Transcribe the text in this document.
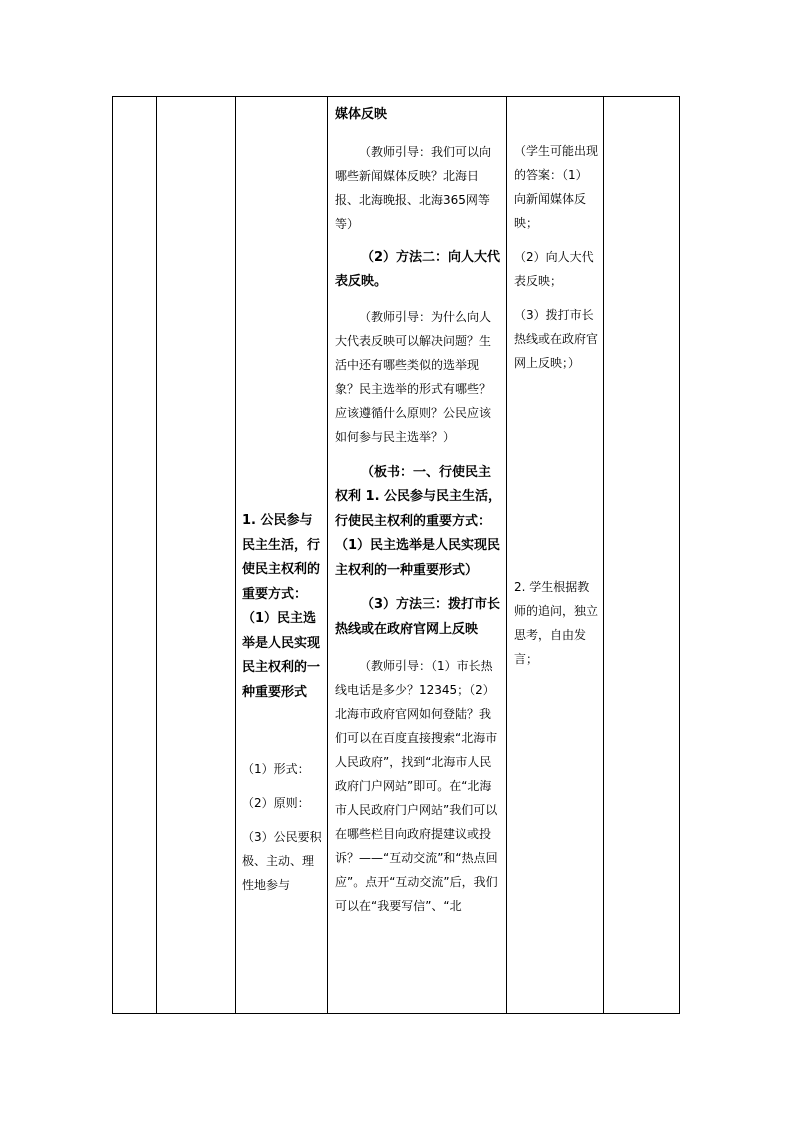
1. 公民参与民主生活，行使民主权利的重要方式：（1）民主选举是人民实现民主权利的一种重要形式

（1）形式：

（2）原则：

（3）公民要积极、主动、理性地参与

媒体反映

（教师引导：我们可以向哪些新闻媒体反映？北海日报、北海晚报、北海365网等等）

（2）方法二：向人大代表反映。

（教师引导：为什么向人大代表反映可以解决问题？生活中还有哪些类似的选举现象？民主选举的形式有哪些？应该遵循什么原则？公民应该如何参与民主选举？）

（板书：一、行使民主权利 1. 公民参与民主生活，行使民主权利的重要方式：（1）民主选举是人民实现民主权利的一种重要形式）

（3）方法三：拨打市长热线或在政府官网上反映

（教师引导：（1）市长热线电话是多少？12345；（2）北海市政府官网如何登陆？我们可以在百度直接搜索“北海市人民政府”，找到“北海市人民政府门户网站”即可。在“北海市人民政府门户网站”我们可以在哪些栏目向政府提建议或投诉？——“互动交流”和“热点回应”。点开“互动交流”后，我们可以在“我要写信”、“北

（学生可能出现的答案：（1）向新闻媒体反映；

（2）向人大代表反映；

（3）拨打市长热线或在政府官网上反映；）

2. 学生根据教师的追问，独立思考，自由发言；
